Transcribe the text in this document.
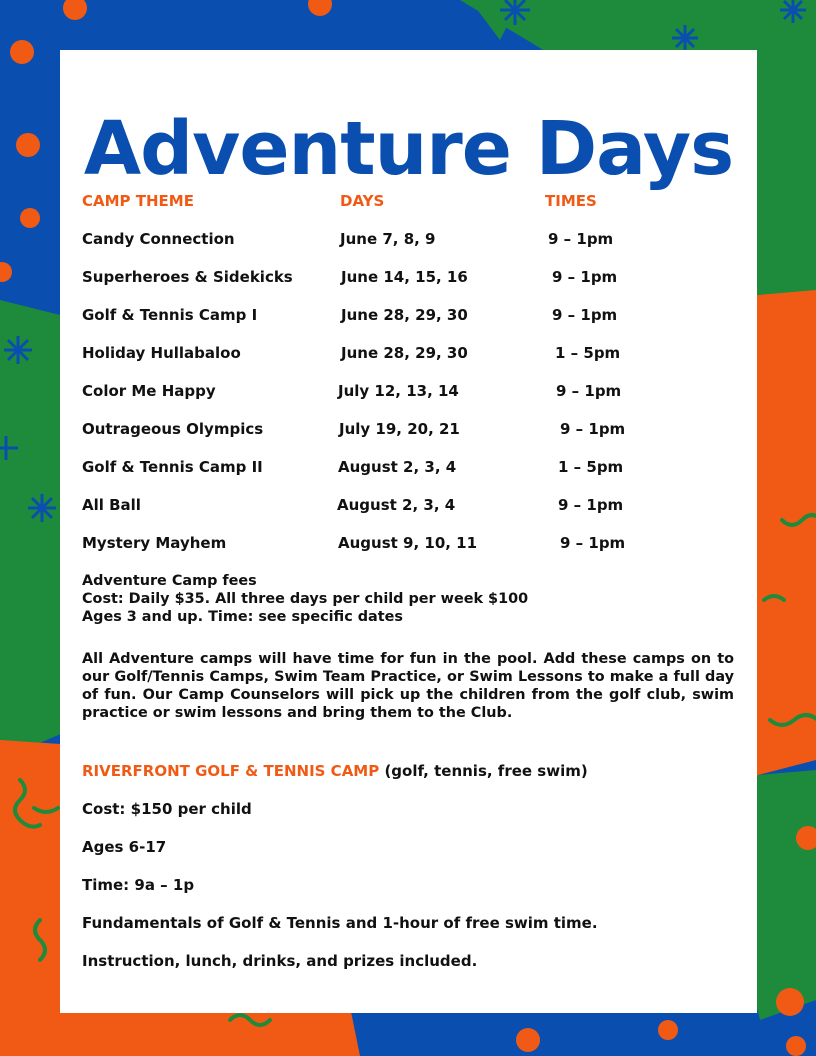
Adventure Days
CAMP THEME	DAYS	TIMES
Candy Connection	June 7, 8, 9	9 – 1pm
Superheroes & Sidekicks	June 14, 15, 16	9 – 1pm
Golf & Tennis Camp I	June 28, 29, 30	9 – 1pm
Holiday Hullabaloo	June 28, 29, 30	1 – 5pm
Color Me Happy	July 12, 13, 14	9 – 1pm
Outrageous Olympics	July 19, 20, 21	9 – 1pm
Golf & Tennis Camp II	August 2, 3, 4	1 – 5pm
All Ball	August 2, 3, 4	9 – 1pm
Mystery Mayhem	August 9, 10, 11	9 – 1pm

Adventure Camp fees
Cost: Daily $35. All three days per child per week $100
Ages 3 and up. Time: see specific dates

All Adventure camps will have time for fun in the pool. Add these camps on to our Golf/Tennis Camps, Swim Team Practice, or Swim Lessons to make a full day of fun. Our Camp Counselors will pick up the children from the golf club, swim practice or swim lessons and bring them to the Club.

RIVERFRONT GOLF & TENNIS CAMP (golf, tennis, free swim)
Cost: $150 per child
Ages 6-17
Time: 9a – 1p
Fundamentals of Golf & Tennis and 1-hour of free swim time.
Instruction, lunch, drinks, and prizes included.
